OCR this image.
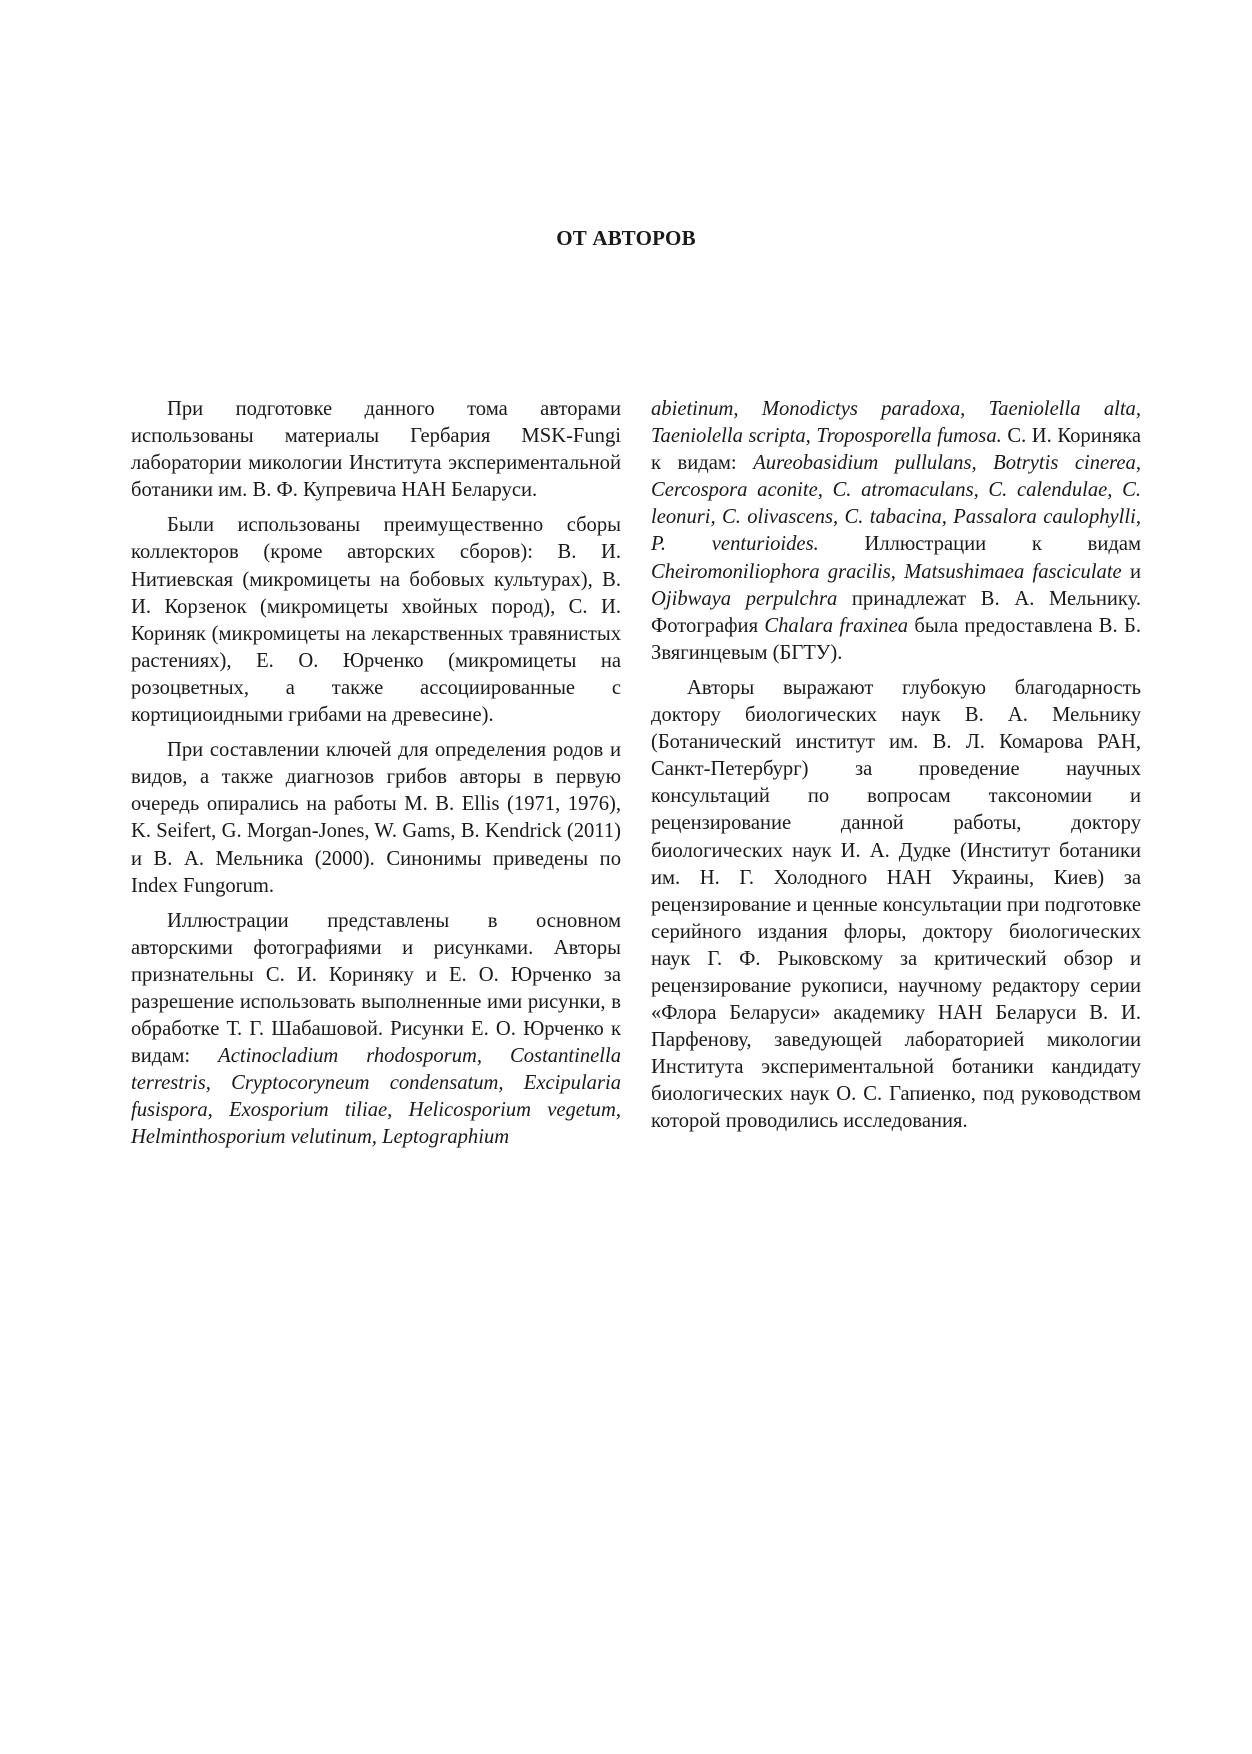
ОТ АВТОРОВ

При подготовке данного тома авторами использованы материалы Гербария MSK-Fungi лаборатории микологии Института экспериментальной ботаники им. В. Ф. Купревича НАН Беларуси.

Были использованы преимущественно сборы коллекторов (кроме авторских сборов): В. И. Нитиевская (микромицеты на бобовых культурах), В. И. Корзенок (микромицеты хвойных пород), С. И. Кориняк (микромицеты на лекарственных травянистых растениях), Е. О. Юрченко (микромицеты на розоцветных, а также ассоциированные с кортициоидными грибами на древесине).

При составлении ключей для определения родов и видов, а также диагнозов грибов авторы в первую очередь опирались на работы M. B. Ellis (1971, 1976), K. Seifert, G. Morgan-Jones, W. Gams, B. Kendrick (2011) и В. А. Мельника (2000). Синонимы приведены по Index Fungorum.

Иллюстрации представлены в основном авторскими фотографиями и рисунками. Авторы признательны С. И. Кориняку и Е. О. Юрченко за разрешение использовать выполненные ими рисунки, в обработке Т. Г. Шабашовой. Рисунки Е. О. Юрченко к видам: Actinocladium rhodosporum, Costantinella terrestris, Cryptocoryneum condensatum, Excipularia fusispora, Exosporium tiliae, Helicosporium vegetum, Helminthosporium velutinum, Leptographium

abietinum, Monodictys paradoxa, Taeniolella alta, Taeniolella scripta, Troposporella fumosa. С. И. Кориняка к видам: Aureobasidium pullulans, Botrytis cinerea, Cercospora aconite, C. atromaculans, C. calendulae, C. leonuri, C. olivascens, C. tabacina, Passalora caulophylli, P. venturioides. Иллюстрации к видам Cheiromoniliophora gracilis, Matsushimaea fasciculate и Ojibwaya perpulchra принадлежат В. А. Мельнику. Фотография Chalara fraxinea была предоставлена В. Б. Звягинцевым (БГТУ).

Авторы выражают глубокую благодарность доктору биологических наук В. А. Мельнику (Ботанический институт им. В. Л. Комарова РАН, Санкт-Петербург) за проведение научных консультаций по вопросам таксономии и рецензирование данной работы, доктору биологических наук И. А. Дудке (Институт ботаники им. Н. Г. Холодного НАН Украины, Киев) за рецензирование и ценные консультации при подготовке серийного издания флоры, доктору биологических наук Г. Ф. Рыковскому за критический обзор и рецензирование рукописи, научному редактору серии «Флора Беларуси» академику НАН Беларуси В. И. Парфенову, заведующей лабораторией микологии Института экспериментальной ботаники кандидату биологических наук О. С. Гапиенко, под руководством которой проводились исследования.
